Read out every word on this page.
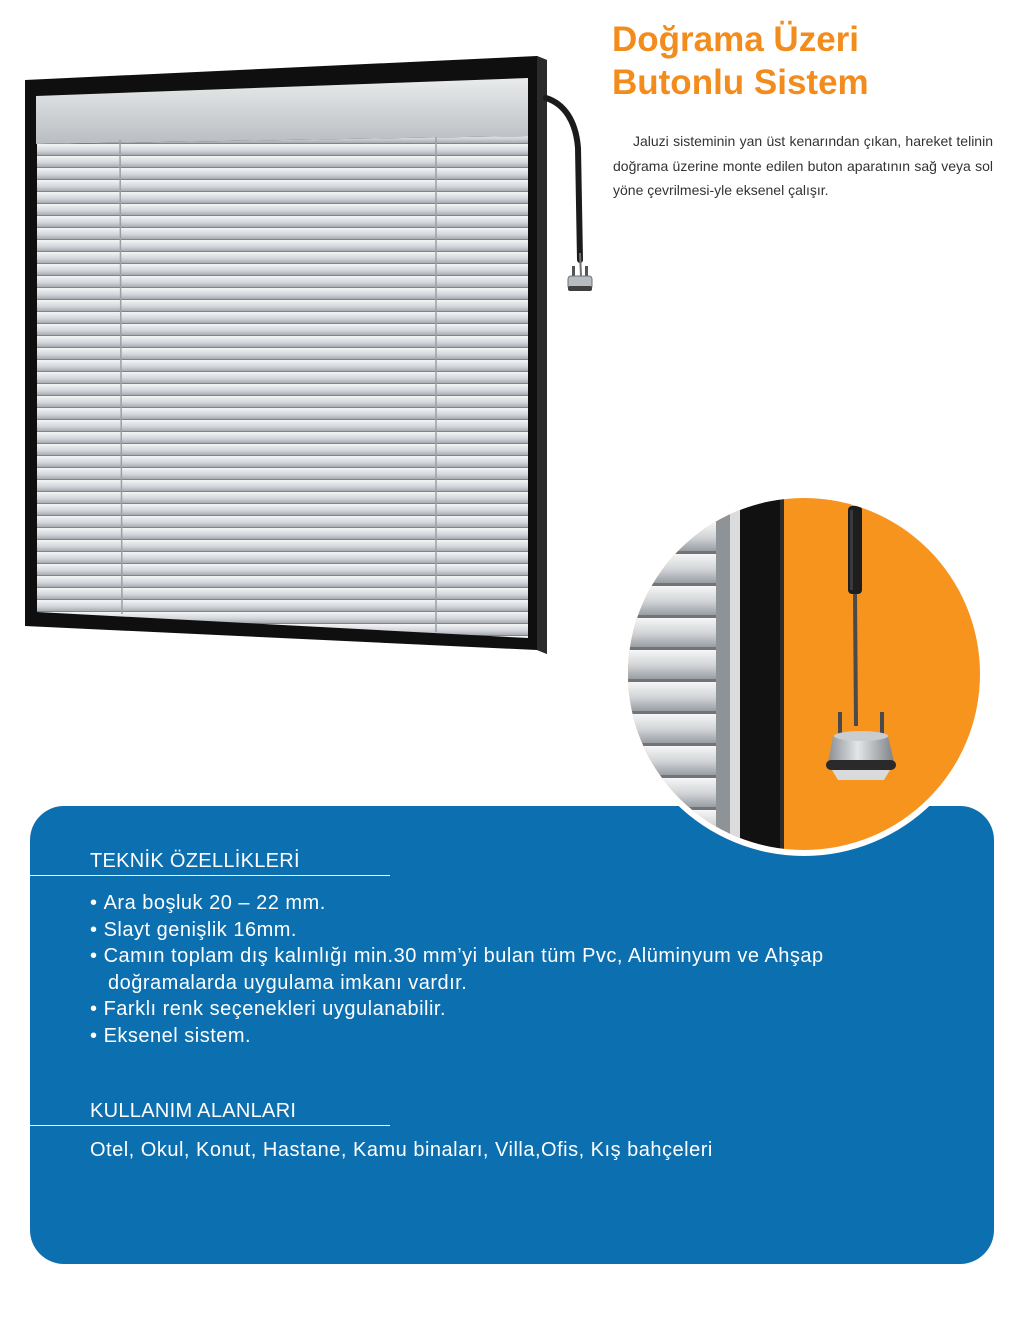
Doğrama Üzeri
Butonlu Sistem

Jaluzi sisteminin yan üst kenarından çıkan, hareket telinin doğrama üzerine monte edilen buton aparatının sağ veya sol yöne çevrilmesi-yle eksenel çalışır.

TEKNİK ÖZELLİKLERİ
• Ara boşluk 20 – 22 mm.
• Slayt genişlik 16mm.
• Camın toplam dış kalınlığı min.30 mm’yi bulan tüm Pvc, Alüminyum ve Ahşap doğramalarda uygulama imkanı vardır.
• Farklı renk seçenekleri uygulanabilir.
• Eksenel sistem.
KULLANIM ALANLARI

Otel, Okul, Konut, Hastane, Kamu binaları, Villa,Ofis, Kış bahçeleri
